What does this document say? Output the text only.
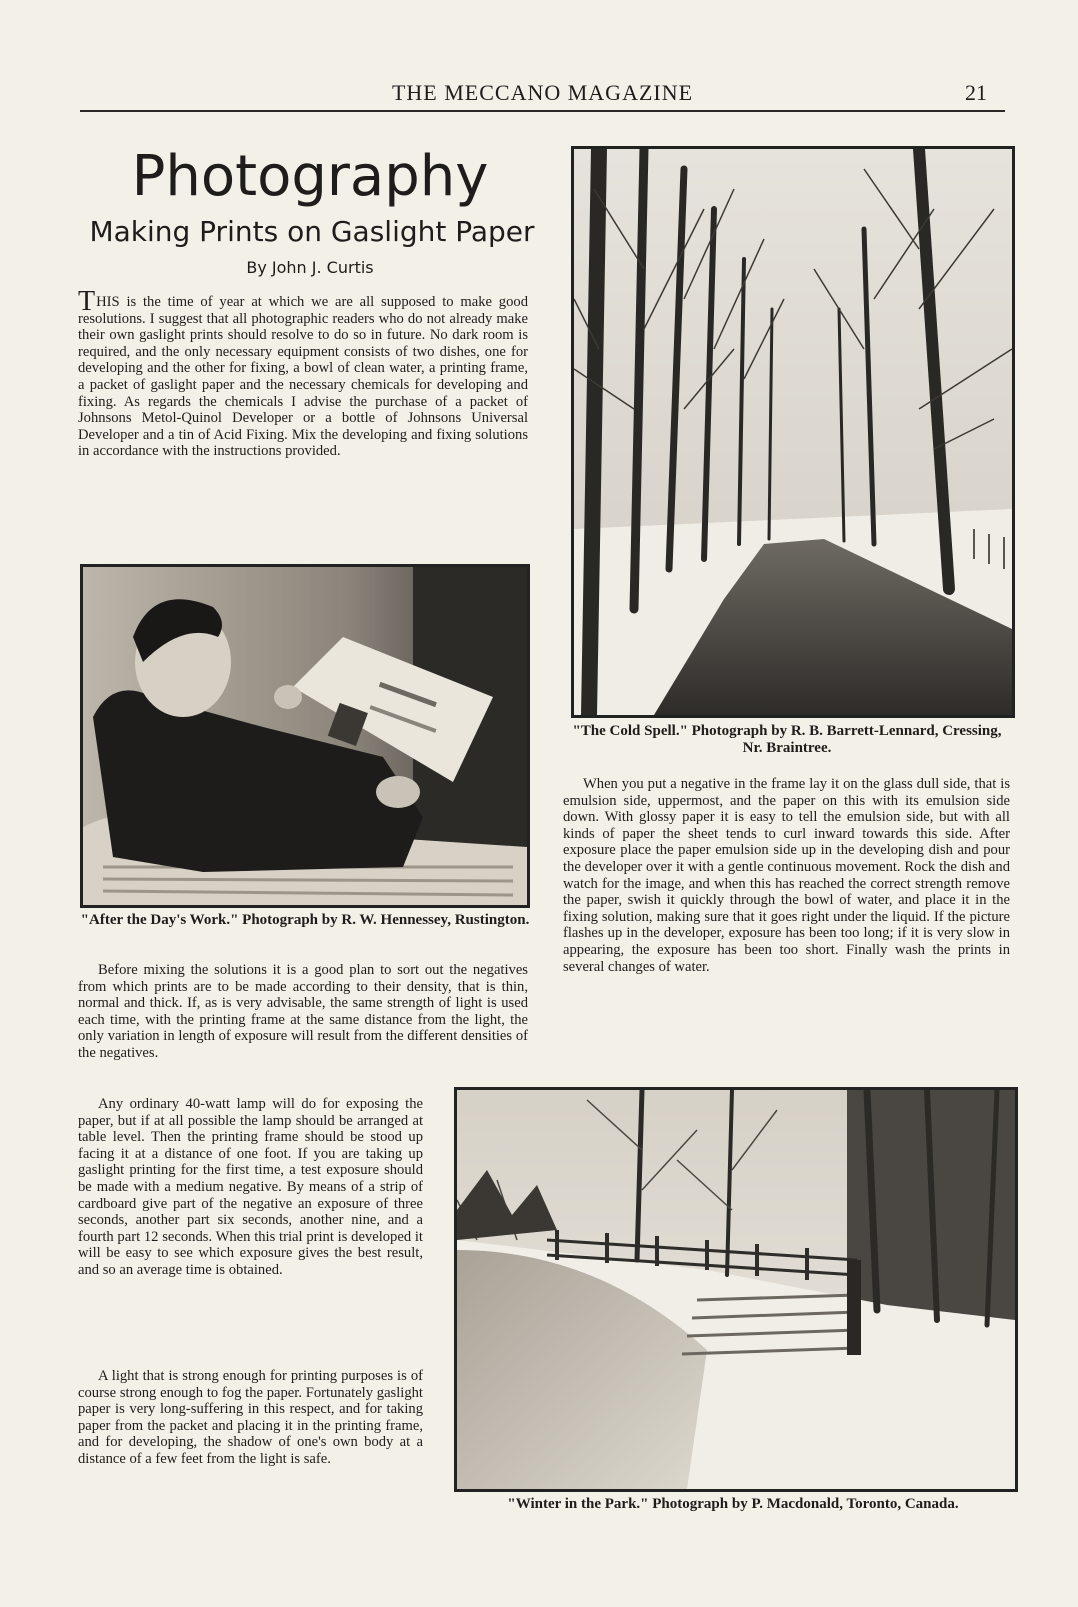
THE MECCANO MAGAZINE	21
Photography
Making Prints on Gaslight Paper
By John J. Curtis

THIS is the time of year at which we are all supposed to make good resolutions. I suggest that all photographic readers who do not already make their own gaslight prints should resolve to do so in future. No dark room is required, and the only necessary equipment consists of two dishes, one for developing and the other for fixing, a bowl of clean water, a printing frame, a packet of gaslight paper and the necessary chemicals for developing and fixing. As regards the chemicals I advise the purchase of a packet of Johnsons Metol-Quinol Developer or a bottle of Johnsons Universal Developer and a tin of Acid Fixing. Mix the developing and fixing solutions in accordance with the instructions provided.

"After the Day's Work." Photograph by R. W. Hennessey, Rustington.

Before mixing the solutions it is a good plan to sort out the negatives from which prints are to be made according to their density, that is thin, normal and thick. If, as is very advisable, the same strength of light is used each time, with the printing frame at the same distance from the light, the only variation in length of exposure will result from the different densities of the negatives.

Any ordinary 40-watt lamp will do for exposing the paper, but if at all possible the lamp should be arranged at table level. Then the printing frame should be stood up facing it at a distance of one foot. If you are taking up gaslight printing for the first time, a test exposure should be made with a medium negative. By means of a strip of cardboard give part of the negative an exposure of three seconds, another part six seconds, another nine, and a fourth part 12 seconds. When this trial print is developed it will be easy to see which exposure gives the best result, and so an average time is obtained.

A light that is strong enough for printing purposes is of course strong enough to fog the paper. Fortunately gaslight paper is very long-suffering in this respect, and for taking paper from the packet and placing it in the printing frame, and for developing, the shadow of one's own body at a distance of a few feet from the light is safe.

"The Cold Spell." Photograph by R. B. Barrett-Lennard, Cressing, Nr. Braintree.

When you put a negative in the frame lay it on the glass dull side, that is emulsion side, uppermost, and the paper on this with its emulsion side down. With glossy paper it is easy to tell the emulsion side, but with all kinds of paper the sheet tends to curl inward towards this side. After exposure place the paper emulsion side up in the developing dish and pour the developer over it with a gentle continuous movement. Rock the dish and watch for the image, and when this has reached the correct strength remove the paper, swish it quickly through the bowl of water, and place it in the fixing solution, making sure that it goes right under the liquid. If the picture flashes up in the developer, exposure has been too long; if it is very slow in appearing, the exposure has been too short. Finally wash the prints in several changes of water.

"Winter in the Park." Photograph by P. Macdonald, Toronto, Canada.
